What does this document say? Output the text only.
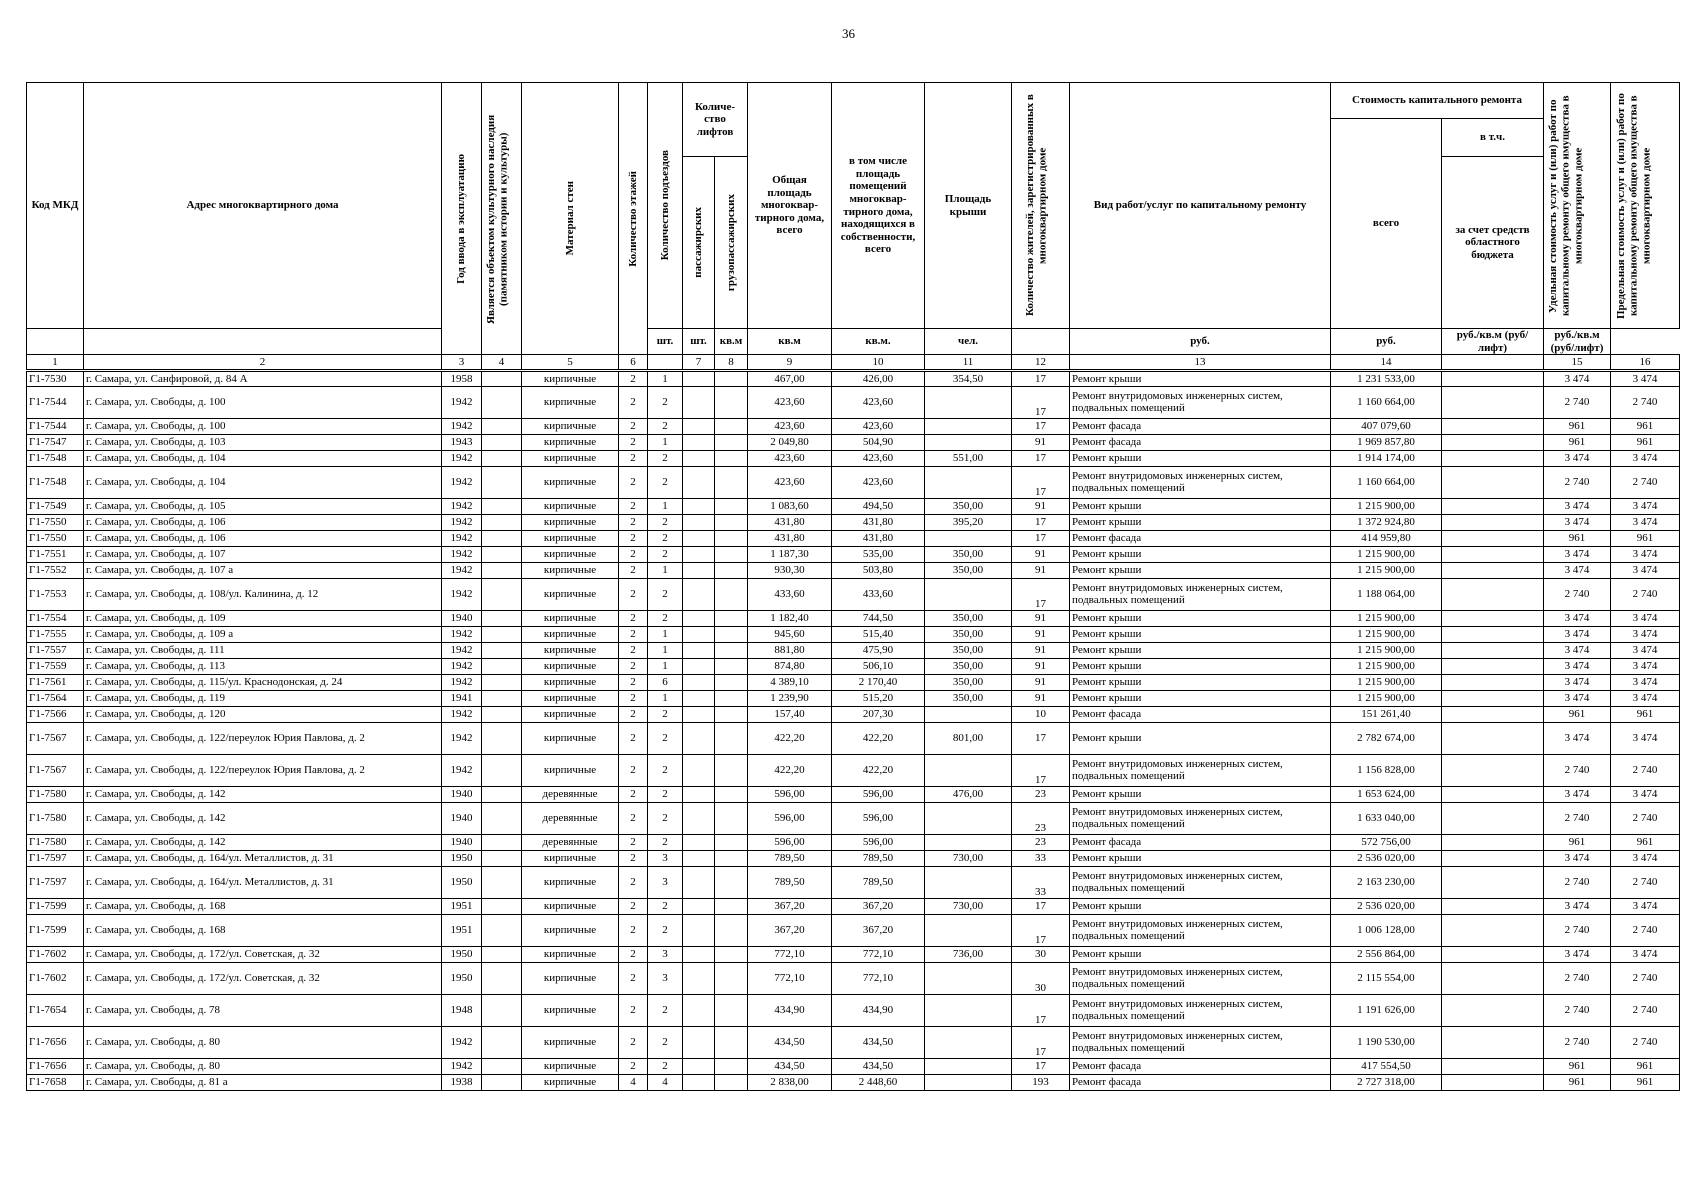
36
Код МКД	Адрес многоквартирного дома	Год ввода в эксплуатацию	Является объектом культурного наследия (памятником истории и культуры)	Материал стен	Количество этажей	Количество подъездов	Количе-ство лифтов		Общая площадь многоквар-тирного дома, всего	в том числе площадь помещений многоквар-тирного дома, находящихся в собственности, всего	Площадь крыши	Количество жителей, зарегистрированных в многоквартирном доме	Вид работ/услуг по капитальному ремонту	Стоимость капитального ремонта		Удельная стоимость услуг и (или) работ по капитальному ремонту общего имущества в многоквартирном доме	Предельная стоимость услуг и (или) работ по капитальному ремонту общего имущества в многоквартирном доме

														всего	в т.ч.		

							пассажирских	грузопассажирских							за счет средств областного бюджета		
						шт.	шт.	кв.м	кв.м	кв.м.	чел.		руб.	руб.	руб./кв.м (руб/лифт)	руб./кв.м (руб/лифт)	
1	2	3	4	5	6		7	8	9	10	11	12	13	14		15	16
Г1-7530	г. Самара, ул. Санфировой, д. 84 А	1958		кирпичные	2	1			467,00	426,00	354,50	17	Ремонт крыши	1 231 533,00		3 474	3 474
Г1-7544	г. Самара, ул. Свободы, д. 100	1942		кирпичные	2	2			423,60	423,60		17	Ремонт внутридомовых инженерных систем, подвальных помещений	1 160 664,00		2 740	2 740
Г1-7544	г. Самара, ул. Свободы, д. 100	1942		кирпичные	2	2			423,60	423,60		17	Ремонт фасада	407 079,60		961	961
Г1-7547	г. Самара, ул. Свободы, д. 103	1943		кирпичные	2	1			2 049,80	504,90		91	Ремонт фасада	1 969 857,80		961	961
Г1-7548	г. Самара, ул. Свободы, д. 104	1942		кирпичные	2	2			423,60	423,60	551,00	17	Ремонт крыши	1 914 174,00		3 474	3 474
Г1-7548	г. Самара, ул. Свободы, д. 104	1942		кирпичные	2	2			423,60	423,60		17	Ремонт внутридомовых инженерных систем, подвальных помещений	1 160 664,00		2 740	2 740
Г1-7549	г. Самара, ул. Свободы, д. 105	1942		кирпичные	2	1			1 083,60	494,50	350,00	91	Ремонт крыши	1 215 900,00		3 474	3 474
Г1-7550	г. Самара, ул. Свободы, д. 106	1942		кирпичные	2	2			431,80	431,80	395,20	17	Ремонт крыши	1 372 924,80		3 474	3 474
Г1-7550	г. Самара, ул. Свободы, д. 106	1942		кирпичные	2	2			431,80	431,80		17	Ремонт фасада	414 959,80		961	961
Г1-7551	г. Самара, ул. Свободы, д. 107	1942		кирпичные	2	2			1 187,30	535,00	350,00	91	Ремонт крыши	1 215 900,00		3 474	3 474
Г1-7552	г. Самара, ул. Свободы, д. 107 а	1942		кирпичные	2	1			930,30	503,80	350,00	91	Ремонт крыши	1 215 900,00		3 474	3 474
Г1-7553	г. Самара, ул. Свободы, д. 108/ул. Калинина, д. 12	1942		кирпичные	2	2			433,60	433,60		17	Ремонт внутридомовых инженерных систем, подвальных помещений	1 188 064,00		2 740	2 740
Г1-7554	г. Самара, ул. Свободы, д. 109	1940		кирпичные	2	2			1 182,40	744,50	350,00	91	Ремонт крыши	1 215 900,00		3 474	3 474
Г1-7555	г. Самара, ул. Свободы, д. 109 а	1942		кирпичные	2	1			945,60	515,40	350,00	91	Ремонт крыши	1 215 900,00		3 474	3 474
Г1-7557	г. Самара, ул. Свободы, д. 111	1942		кирпичные	2	1			881,80	475,90	350,00	91	Ремонт крыши	1 215 900,00		3 474	3 474
Г1-7559	г. Самара, ул. Свободы, д. 113	1942		кирпичные	2	1			874,80	506,10	350,00	91	Ремонт крыши	1 215 900,00		3 474	3 474
Г1-7561	г. Самара, ул. Свободы, д. 115/ул. Краснодонская, д. 24	1942		кирпичные	2	6			4 389,10	2 170,40	350,00	91	Ремонт крыши	1 215 900,00		3 474	3 474
Г1-7564	г. Самара, ул. Свободы, д. 119	1941		кирпичные	2	1			1 239,90	515,20	350,00	91	Ремонт крыши	1 215 900,00		3 474	3 474
Г1-7566	г. Самара, ул. Свободы, д. 120	1942		кирпичные	2	2			157,40	207,30		10	Ремонт фасада	151 261,40		961	961
Г1-7567	г. Самара, ул. Свободы, д. 122/переулок Юрия Павлова, д. 2	1942		кирпичные	2	2			422,20	422,20	801,00	17	Ремонт крыши	2 782 674,00		3 474	3 474
Г1-7567	г. Самара, ул. Свободы, д. 122/переулок Юрия Павлова, д. 2	1942		кирпичные	2	2			422,20	422,20		17	Ремонт внутридомовых инженерных систем, подвальных помещений	1 156 828,00		2 740	2 740
Г1-7580	г. Самара, ул. Свободы, д. 142	1940		деревянные	2	2			596,00	596,00	476,00	23	Ремонт крыши	1 653 624,00		3 474	3 474
Г1-7580	г. Самара, ул. Свободы, д. 142	1940		деревянные	2	2			596,00	596,00		23	Ремонт внутридомовых инженерных систем, подвальных помещений	1 633 040,00		2 740	2 740
Г1-7580	г. Самара, ул. Свободы, д. 142	1940		деревянные	2	2			596,00	596,00		23	Ремонт фасада	572 756,00		961	961
Г1-7597	г. Самара, ул. Свободы, д. 164/ул. Металлистов, д. 31	1950		кирпичные	2	3			789,50	789,50	730,00	33	Ремонт крыши	2 536 020,00		3 474	3 474
Г1-7597	г. Самара, ул. Свободы, д. 164/ул. Металлистов, д. 31	1950		кирпичные	2	3			789,50	789,50		33	Ремонт внутридомовых инженерных систем, подвальных помещений	2 163 230,00		2 740	2 740
Г1-7599	г. Самара, ул. Свободы, д. 168	1951		кирпичные	2	2			367,20	367,20	730,00	17	Ремонт крыши	2 536 020,00		3 474	3 474
Г1-7599	г. Самара, ул. Свободы, д. 168	1951		кирпичные	2	2			367,20	367,20		17	Ремонт внутридомовых инженерных систем, подвальных помещений	1 006 128,00		2 740	2 740
Г1-7602	г. Самара, ул. Свободы, д. 172/ул. Советская, д. 32	1950		кирпичные	2	3			772,10	772,10	736,00	30	Ремонт крыши	2 556 864,00		3 474	3 474
Г1-7602	г. Самара, ул. Свободы, д. 172/ул. Советская, д. 32	1950		кирпичные	2	3			772,10	772,10		30	Ремонт внутридомовых инженерных систем, подвальных помещений	2 115 554,00		2 740	2 740
Г1-7654	г. Самара, ул. Свободы, д. 78	1948		кирпичные	2	2			434,90	434,90		17	Ремонт внутридомовых инженерных систем, подвальных помещений	1 191 626,00		2 740	2 740
Г1-7656	г. Самара, ул. Свободы, д. 80	1942		кирпичные	2	2			434,50	434,50		17	Ремонт внутридомовых инженерных систем, подвальных помещений	1 190 530,00		2 740	2 740
Г1-7656	г. Самара, ул. Свободы, д. 80	1942		кирпичные	2	2			434,50	434,50		17	Ремонт фасада	417 554,50		961	961
Г1-7658	г. Самара, ул. Свободы, д. 81 а	1938		кирпичные	4	4			2 838,00	2 448,60		193	Ремонт фасада	2 727 318,00		961	961
